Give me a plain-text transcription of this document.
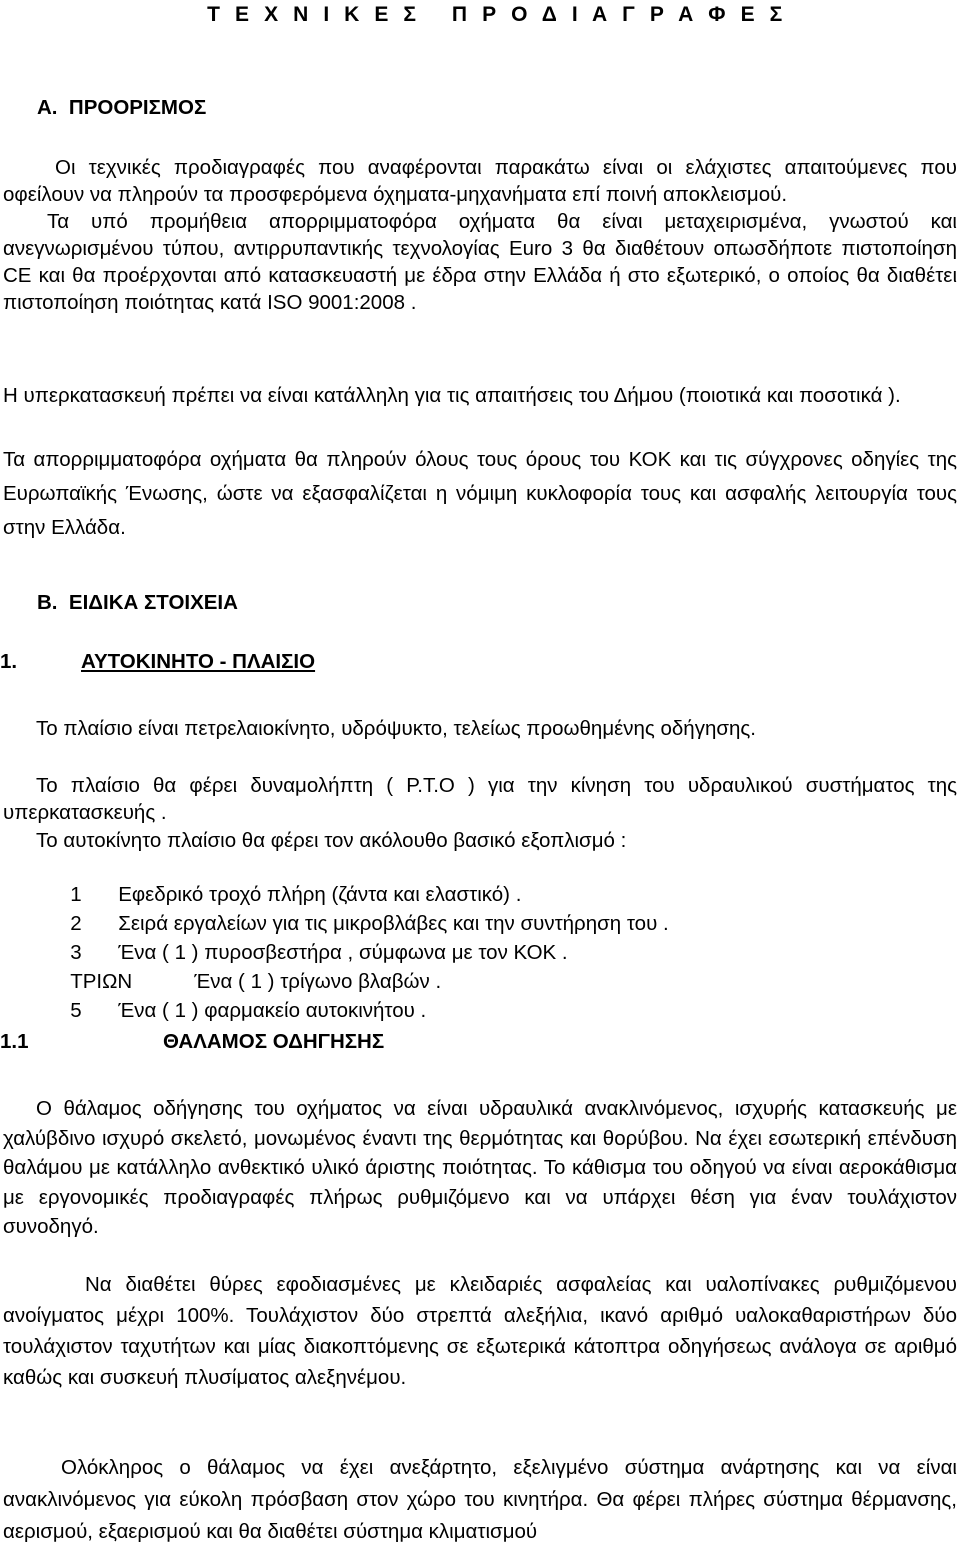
Τ Ε Χ Ν Ι Κ Ε Σ   Π Ρ Ο Δ Ι Α Γ Ρ Α Φ Ε Σ
Α.  ΠΡΟΟΡΙΣΜΟΣ
Οι τεχνικές προδιαγραφές που αναφέρονται παρακάτω είναι οι ελάχιστες απαιτούμενες που οφείλουν να πληρούν τα προσφερόμενα όχηματα-μηχανήματα επί ποινή αποκλεισμού.
Τα υπό προμήθεια απορριμματοφόρα οχήματα θα είναι μεταχειρισμένα, γνωστού και ανεγνωρισμένου τύπου, αντιρρυπαντικής τεχνολογίας Euro 3 θα διαθέτουν οπωσδήποτε πιστοποίηση CE και θα προέρχονται από κατασκευαστή με έδρα στην Ελλάδα ή στο εξωτερικό, ο οποίος θα διαθέτει πιστοποίηση ποιότητας κατά ISO 9001:2008 .
Η υπερκατασκευή πρέπει να είναι κατάλληλη για τις απαιτήσεις του Δήμου (ποιοτικά και ποσοτικά ).
Τα απορριμματοφόρα οχήματα θα πληρούν όλους τους όρους του ΚΟΚ και τις σύγχρονες οδηγίες της Ευρωπαϊκής Ένωσης, ώστε να εξασφαλίζεται η νόμιμη κυκλοφορία τους και ασφαλής λειτουργία τους στην Ελλάδα.
Β.  ΕΙΔΙΚΑ ΣΤΟΙΧΕΙΑ
1.	ΑΥΤΟΚΙΝΗΤΟ - ΠΛΑΙΣΙΟ
Το πλαίσιο είναι πετρελαιοκίνητο, υδρόψυκτο, τελείως προωθημένης οδήγησης.
Το πλαίσιο θα φέρει δυναμολήπτη ( P.T.O ) για την κίνηση του υδραυλικού συστήματος της υπερκατασκευής .
Το αυτοκίνητο πλαίσιο θα φέρει τον ακόλουθο βασικό εξοπλισμό :

1 Εφεδρικό τροχό πλήρη (ζάντα και ελαστικό) .

2 Σειρά εργαλείων για τις μικροβλάβες και την συντήρηση του .

3 Ένα ( 1 ) πυροσβεστήρα , σύμφωνα με τον ΚΟΚ .

ΤΡΙΩΝ	Ένα ( 1 ) τρίγωνο βλαβών .

5 Ένα ( 1 ) φαρμακείο αυτοκινήτου .

1.1	ΘΑΛΑΜΟΣ ΟΔΗΓΗΣΗΣ
Ο θάλαμος οδήγησης του οχήματος να είναι υδραυλικά ανακλινόμενος, ισχυρής κατασκευής με χαλύβδινο ισχυρό σκελετό, μονωμένος έναντι της θερμότητας και θορύβου. Να έχει εσωτερική επένδυση θαλάμου με κατάλληλο ανθεκτικό υλικό άριστης ποιότητας. Το κάθισμα του οδηγού να είναι αεροκάθισμα με εργονομικές προδιαγραφές πλήρως ρυθμιζόμενο και να υπάρχει θέση για έναν τουλάχιστον συνοδηγό.
Να διαθέτει θύρες εφοδιασμένες με κλειδαριές ασφαλείας και υαλοπίνακες ρυθμιζόμενου ανοίγματος μέχρι 100%. Τουλάχιστον δύο στρεπτά αλεξήλια, ικανό αριθμό υαλοκαθαριστήρων δύο τουλάχιστον ταχυτήτων και μίας διακοπτόμενης σε εξωτερικά κάτοπτρα οδηγήσεως ανάλογα σε αριθμό καθώς και συσκευή πλυσίματος αλεξηνέμου.
Ολόκληρος ο θάλαμος να έχει ανεξάρτητο, εξελιγμένο σύστημα ανάρτησης και να είναι ανακλινόμενος για εύκολη πρόσβαση στον χώρο του κινητήρα. Θα φέρει πλήρες σύστημα θέρμανσης, αερισμού, εξαερισμού και θα διαθέτει σύστημα κλιματισμού
